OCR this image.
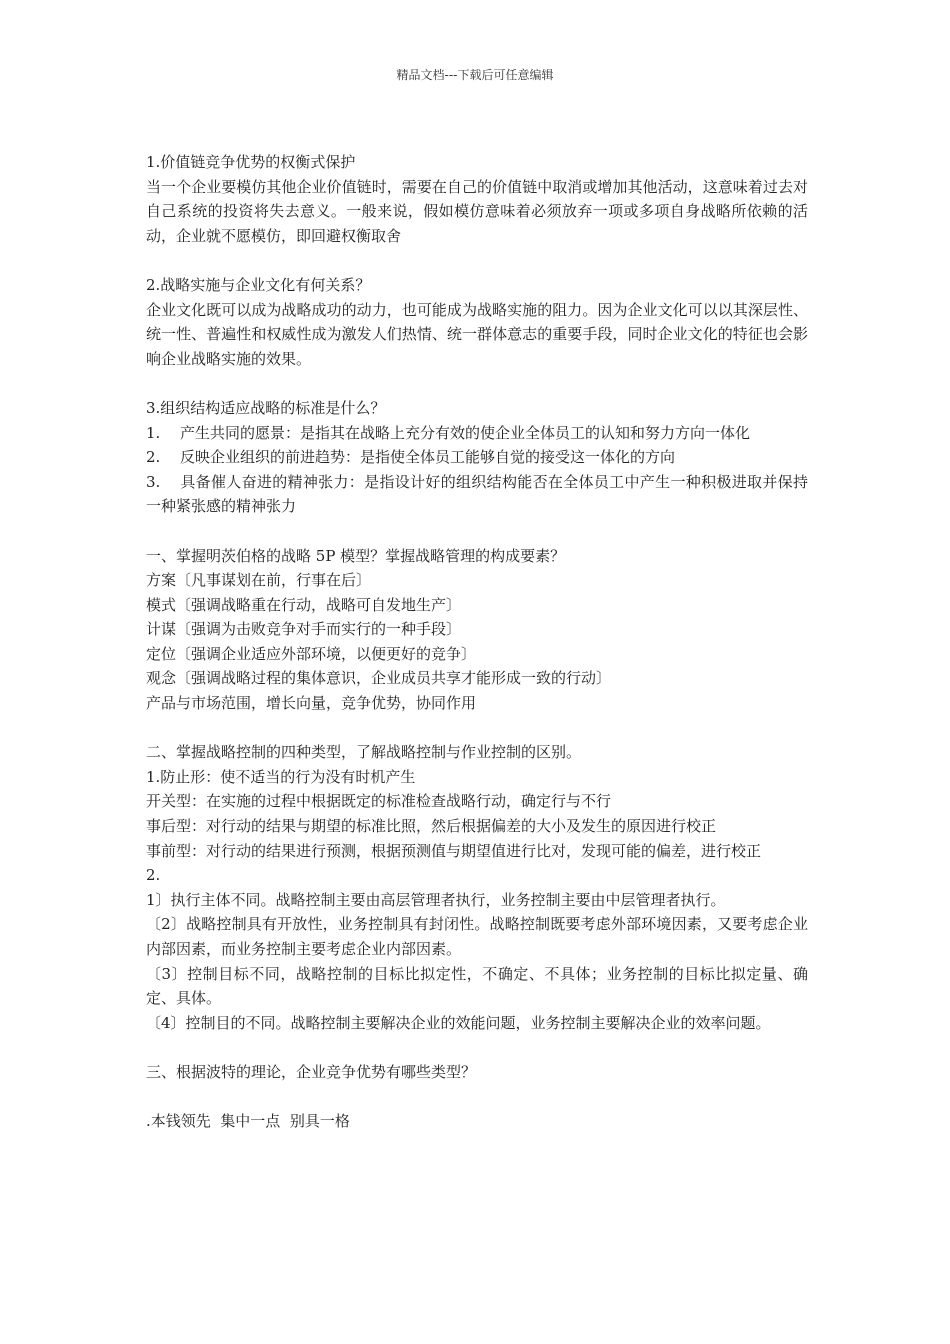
精品文档---下载后可任意编辑

1.价值链竞争优势的权衡式保护

当一个企业要模仿其他企业价值链时，需要在自己的价值链中取消或增加其他活动，这意味着过去对自己系统的投资将失去意义。一般来说，假如模仿意味着必须放弃一项或多项自身战略所依赖的活动，企业就不愿模仿，即回避权衡取舍

2.战略实施与企业文化有何关系？

企业文化既可以成为战略成功的动力，也可能成为战略实施的阻力。因为企业文化可以以其深层性、统一性、普遍性和权威性成为激发人们热情、统一群体意志的重要手段，同时企业文化的特征也会影响企业战略实施的效果。

3.组织结构适应战略的标准是什么？

1. 产生共同的愿景：是指其在战略上充分有效的使企业全体员工的认知和努力方向一体化

2. 反映企业组织的前进趋势：是指使全体员工能够自觉的接受这一体化的方向

3. 具备催人奋进的精神张力：是指设计好的组织结构能否在全体员工中产生一种积极进取并保持一种紧张感的精神张力

一、掌握明茨伯格的战略 5P 模型？掌握战略管理的构成要素？

方案〔凡事谋划在前，行事在后〕

模式〔强调战略重在行动，战略可自发地生产〕

计谋〔强调为击败竞争对手而实行的一种手段〕

定位〔强调企业适应外部环境，以便更好的竞争〕

观念〔强调战略过程的集体意识，企业成员共享才能形成一致的行动〕

产品与市场范围，增长向量，竞争优势，协同作用

二、掌握战略控制的四种类型，了解战略控制与作业控制的区别。

1.防止形：使不适当的行为没有时机产生

开关型：在实施的过程中根据既定的标准检查战略行动，确定行与不行

事后型：对行动的结果与期望的标准比照，然后根据偏差的大小及发生的原因进行校正

事前型：对行动的结果进行预测，根据预测值与期望值进行比对，发现可能的偏差，进行校正

2.

1〕执行主体不同。战略控制主要由高层管理者执行，业务控制主要由中层管理者执行。

〔2〕战略控制具有开放性，业务控制具有封闭性。战略控制既要考虑外部环境因素，又要考虑企业内部因素，而业务控制主要考虑企业内部因素。

〔3〕控制目标不同，战略控制的目标比拟定性，不确定、不具体；业务控制的目标比拟定量、确定、具体。

〔4〕控制目的不同。战略控制主要解决企业的效能问题，业务控制主要解决企业的效率问题。

三、根据波特的理论，企业竞争优势有哪些类型？

.本钱领先  集中一点  别具一格
